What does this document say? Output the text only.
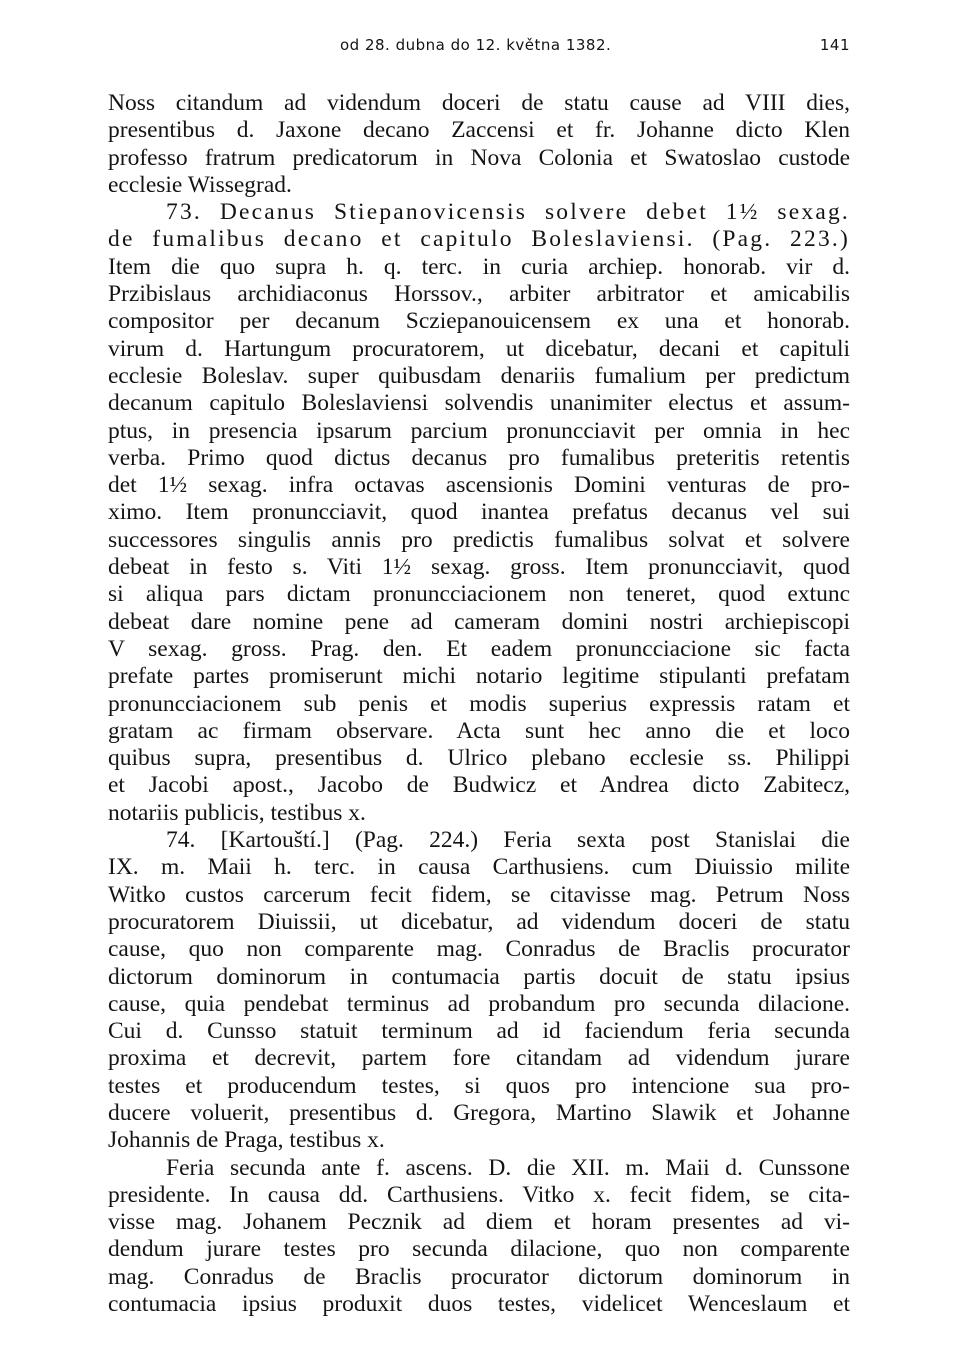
od 28. dubna do 12. května 1382.	141
Noss citandum ad videndum doceri de statu cause ad VIII dies,
presentibus d. Jaxone decano Zaccensi et fr. Johanne dicto Klen
professo fratrum predicatorum in Nova Colonia et Swatoslao custode
ecclesie Wissegrad.
73. Decanus Stiepanovicensis solvere debet 1½ sexag.
de fumalibus decano et capitulo Boleslaviensi. (Pag. 223.)
Item die quo supra h. q. terc. in curia archiep. honorab. vir d.
Przibislaus archidiaconus Horssov., arbiter arbitrator et amicabilis
compositor per decanum Scziepanouicensem ex una et honorab.
virum d. Hartungum procuratorem, ut dicebatur, decani et capituli
ecclesie Boleslav. super quibusdam denariis fumalium per predictum
decanum capitulo Boleslaviensi solvendis unanimiter electus et assum-
ptus, in presencia ipsarum parcium pronuncciavit per omnia in hec
verba. Primo quod dictus decanus pro fumalibus preteritis retentis
det 1½ sexag. infra octavas ascensionis Domini venturas de pro-
ximo. Item pronuncciavit, quod inantea prefatus decanus vel sui
successores singulis annis pro predictis fumalibus solvat et solvere
debeat in festo s. Viti 1½ sexag. gross. Item pronuncciavit, quod
si aliqua pars dictam pronuncciacionem non teneret, quod extunc
debeat dare nomine pene ad cameram domini nostri archiepiscopi
V sexag. gross. Prag. den. Et eadem pronuncciacione sic facta
prefate partes promiserunt michi notario legitime stipulanti prefatam
pronuncciacionem sub penis et modis superius expressis ratam et
gratam ac firmam observare. Acta sunt hec anno die et loco
quibus supra, presentibus d. Ulrico plebano ecclesie ss. Philippi
et Jacobi apost., Jacobo de Budwicz et Andrea dicto Zabitecz,
notariis publicis, testibus x.
74. [Kartouští.] (Pag. 224.) Feria sexta post Stanislai die
IX. m. Maii h. terc. in causa Carthusiens. cum Diuissio milite
Witko custos carcerum fecit fidem, se citavisse mag. Petrum Noss
procuratorem Diuissii, ut dicebatur, ad videndum doceri de statu
cause, quo non comparente mag. Conradus de Braclis procurator
dictorum dominorum in contumacia partis docuit de statu ipsius
cause, quia pendebat terminus ad probandum pro secunda dilacione.
Cui d. Cunsso statuit terminum ad id faciendum feria secunda
proxima et decrevit, partem fore citandam ad videndum jurare
testes et producendum testes, si quos pro intencione sua pro-
ducere voluerit, presentibus d. Gregora, Martino Slawik et Johanne
Johannis de Praga, testibus x.
Feria secunda ante f. ascens. D. die XII. m. Maii d. Cunssone
presidente. In causa dd. Carthusiens. Vitko x. fecit fidem, se cita-
visse mag. Johanem Pecznik ad diem et horam presentes ad vi-
dendum jurare testes pro secunda dilacione, quo non comparente
mag. Conradus de Braclis procurator dictorum dominorum in
contumacia ipsius produxit duos testes, videlicet Wenceslaum et
